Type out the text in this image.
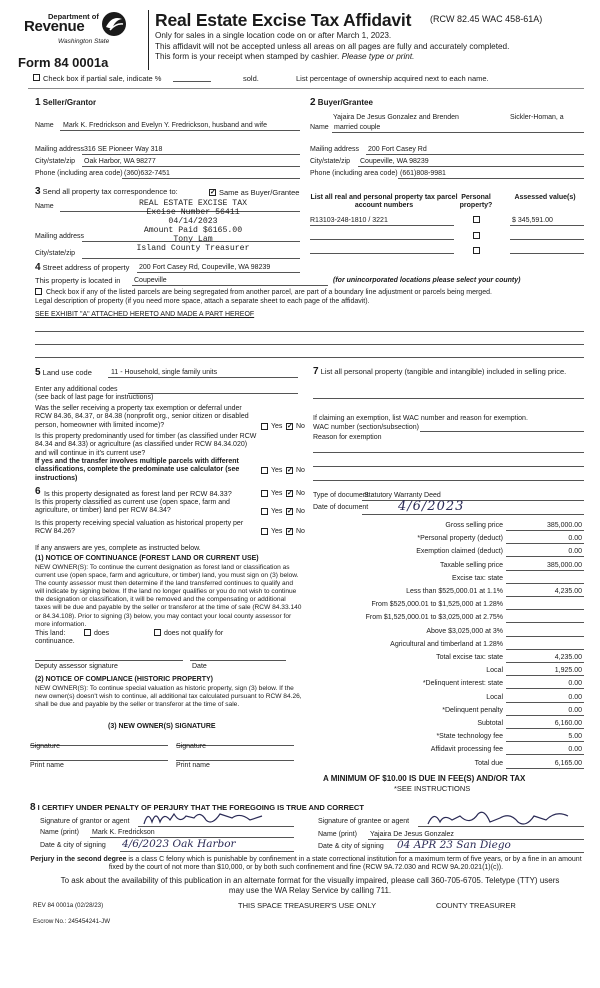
Department of
Revenue
Washington State
Form 84 0001a
Real Estate Excise Tax Affidavit (RCW 82.45 WAC 458-61A)
Only for sales in a single location code on or after March 1, 2023.
This affidavit will not be accepted unless all areas on all pages are fully and accurately completed.
This form is your receipt when stamped by cashier. Please type or print.
Check box if partial sale, indicate %	sold.	List percentage of ownership acquired next to each name.
1 Seller/Grantor
Name Mark K. Fredrickson and Evelyn Y. Fredrickson, husband and wife
Mailing address 316 SE Pioneer Way 318
City/state/zip Oak Harbor, WA 98277
Phone (including area code) (360)632-7451
2 Buyer/Grantee
Yajaira De Jesus Gonzalez and Brenden	Sickler-Homan, a
Name married couple
Mailing address 200 Fort Casey Rd
City/state/zip Coupeville, WA 98239
Phone (including area code) (661)808-9981
3 Send all property tax correspondence to:	✓ Same as Buyer/Grantee
Name
Mailing address
City/state/zip
REAL ESTATE EXCISE TAX
Excise Number 56411
04/14/2023
Amount Paid $6165.00
Tony Lam
Island County Treasurer
List all real and personal property tax parcel account numbers
Personal property?
Assessed value(s)
R13103-248-1810 / 3221	$ 345,591.00
4 Street address of property 200 Fort Casey Rd, Coupeville, WA 98239
This property is located in Coupeville	(for unincorporated locations please select your county)
Check box if any of the listed parcels are being segregated from another parcel, are part of a boundary line adjustment or parcels being merged.
Legal description of property (if you need more space, attach a separate sheet to each page of the affidavit).
SEE EXHIBIT "A" ATTACHED HERETO AND MADE A PART HEREOF
5 Land use code	11 - Household, single family units
Enter any additional codes
(see back of last page for instructions)
Was the seller receiving a property tax exemption or deferral under RCW 84.36, 84.37, or 84.38 (nonprofit org., senior citizen or disabled person, homeowner with limited income)?	Yes ✓ No
Is this property predominantly used for timber (as classified under RCW 84.34 and 84.33) or agriculture (as classified under RCW 84.34.020) and will continue in it's current use?
If yes and the transfer involves multiple parcels with different classifications, complete the predominate use calculator (see instructions)
Yes ✓ No
7 List all personal property (tangible and intangible) included in selling price.
If claiming an exemption, list WAC number and reason for exemption.
WAC number (section/subsection)
Reason for exemption
6 Is this property designated as forest land per RCW 84.33?	Yes ✓ No
Is this property classified as current use (open space, farm and agriculture, or timber) land per RCW 84.34?	Yes ✓ No
Is this property receiving special valuation as historical property per RCW 84.26?	Yes ✓ No
If any answers are yes, complete as instructed below.
(1) NOTICE OF CONTINUANCE (FOREST LAND OR CURRENT USE)
NEW OWNER(S): To continue the current designation as forest land or classification as current use (open space, farm and agriculture, or timber) land, you must sign on (3) below. The county assessor must then determine if the land transferred continues to qualify and will indicate by signing below. If the land no longer qualifies or you do not wish to continue the designation or classification, it will be removed and the compensating or additional taxes will be due and payable by the seller or transferor at the time of sale (RCW 84.33.140 or 84.34.108). Prior to signing (3) below, you may contact your local county assessor for more information.
This land:	does	does not qualify for
continuance.
Deputy assessor signature	Date
(2) NOTICE OF COMPLIANCE (HISTORIC PROPERTY)
NEW OWNER(S): To continue special valuation as historic property, sign (3) below. If the new owner(s) doesn't wish to continue, all additional tax calculated pursuant to RCW 84.26, shall be due and payable by the seller or transferor at the time of sale.
(3) NEW OWNER(S) SIGNATURE
Signature	Signature
Print name	Print name
Type of document
Statutory Warranty Deed
Date of document 4/6/2023
Gross selling price	385,000.00
*Personal property (deduct)	0.00
Exemption claimed (deduct)	0.00
Taxable selling price	385,000.00
Excise tax: state
Less than $525,000.01 at 1.1%	4,235.00
From $525,000.01 to $1,525,000 at 1.28%
From $1,525,000.01 to $3,025,000 at 2.75%
Above $3,025,000 at 3%
Agricultural and timberland at 1.28%
Total excise tax: state	4,235.00
Local	1,925.00
*Delinquent interest: state	0.00
Local	0.00
*Delinquent penalty	0.00
Subtotal	6,160.00
*State technology fee	5.00
Affidavit processing fee	0.00
Total due	6,165.00
A MINIMUM OF $10.00 IS DUE IN FEE(S) AND/OR TAX
*SEE INSTRUCTIONS
8 I CERTIFY UNDER PENALTY OF PERJURY THAT THE FOREGOING IS TRUE AND CORRECT
Signature of grantor or agent
Name (print) Mark K. Fredrickson
Date & city of signing 4/6/2023 Oak Harbor
Signature of grantee or agent
Name (print) Yajaira De Jesus Gonzalez
Date & city of signing 04 APR 23 San Diego
Perjury in the second degree is a class C felony which is punishable by confinement in a state correctional institution for a maximum term of five years, or by a fine in an amount fixed by the court of not more than $10,000, or by both such confinement and fine (RCW 9A.72.030 and RCW 9A.20.021(1)(c)).
To ask about the availability of this publication in an alternate format for the visually impaired, please call 360-705-6705. Teletype (TTY) users may use the WA Relay Service by calling 711.
REV 84 0001a (02/28/23)	THIS SPACE TREASURER'S USE ONLY	COUNTY TREASURER
Escrow No.: 245454241-JW
